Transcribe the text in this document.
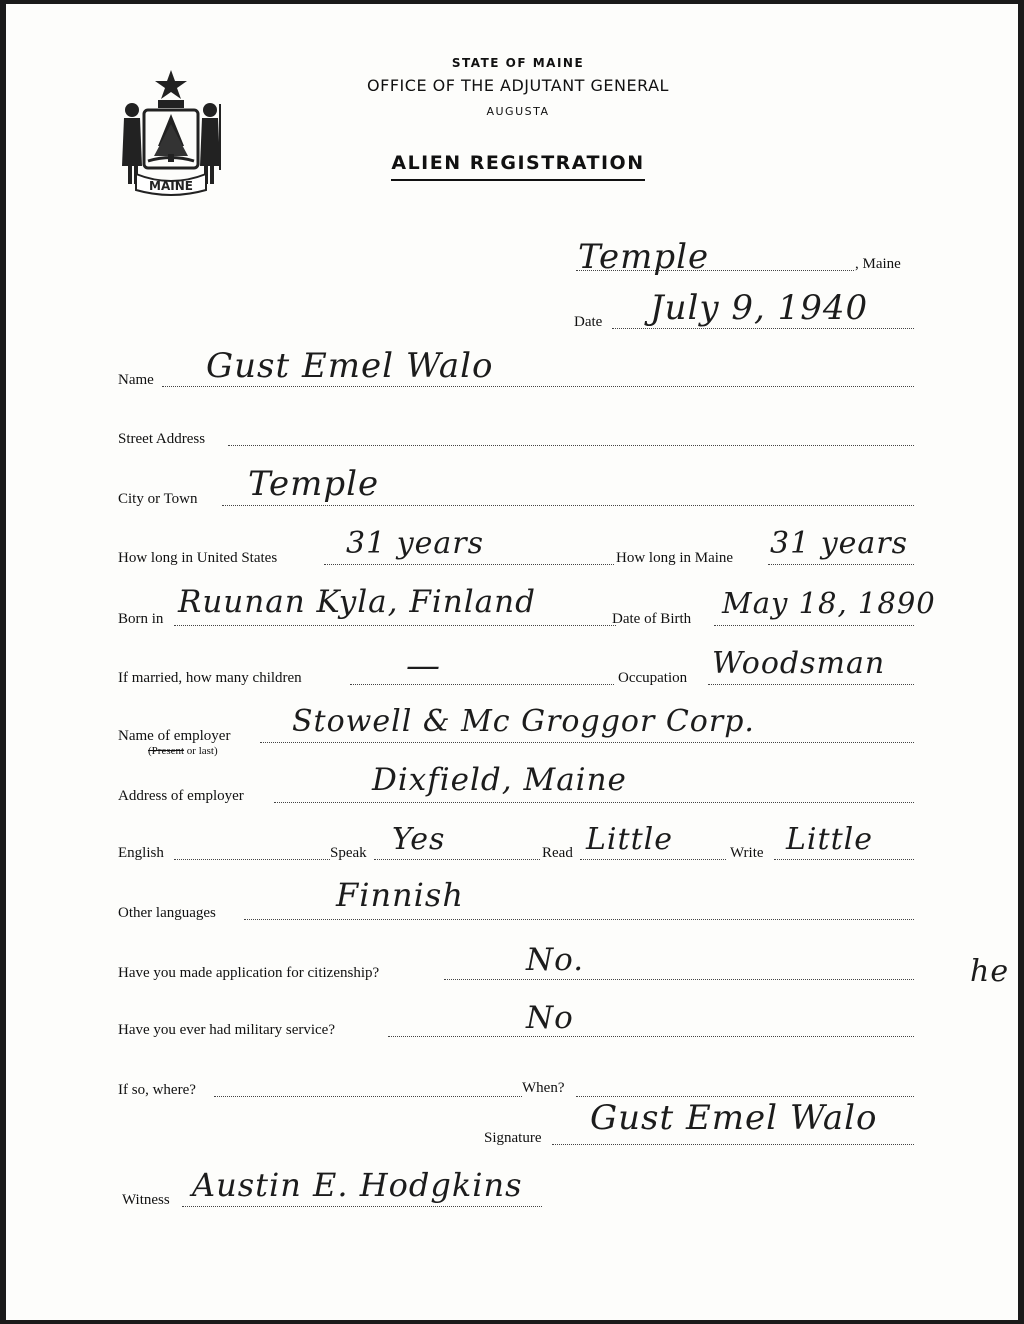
MAINE
STATE OF MAINE
OFFICE OF THE ADJUTANT GENERAL
AUGUSTA
ALIEN REGISTRATION
Temple	, Maine
Date July 9, 1940
Name Gust Emel Walo
Street Address
City or Town Temple
How long in United States 31 years	How long in Maine 31 years
Born in Ruunan Kyla, Finland	Date of Birth May 18, 1890
If married, how many children	—	Occupation Woodsman
Name of employer
(Present or last)
Stowell & Mc Groggor Corp.
Address of employer	Dixfield, Maine
English	Speak Yes	Read Little	Write Little
Other languages	Finnish
Have you made application for citizenship?	No.	he
Have you ever had military service?	No
If so, where?	When?
Signature Gust Emel Walo
Witness Austin E. Hodgkins
